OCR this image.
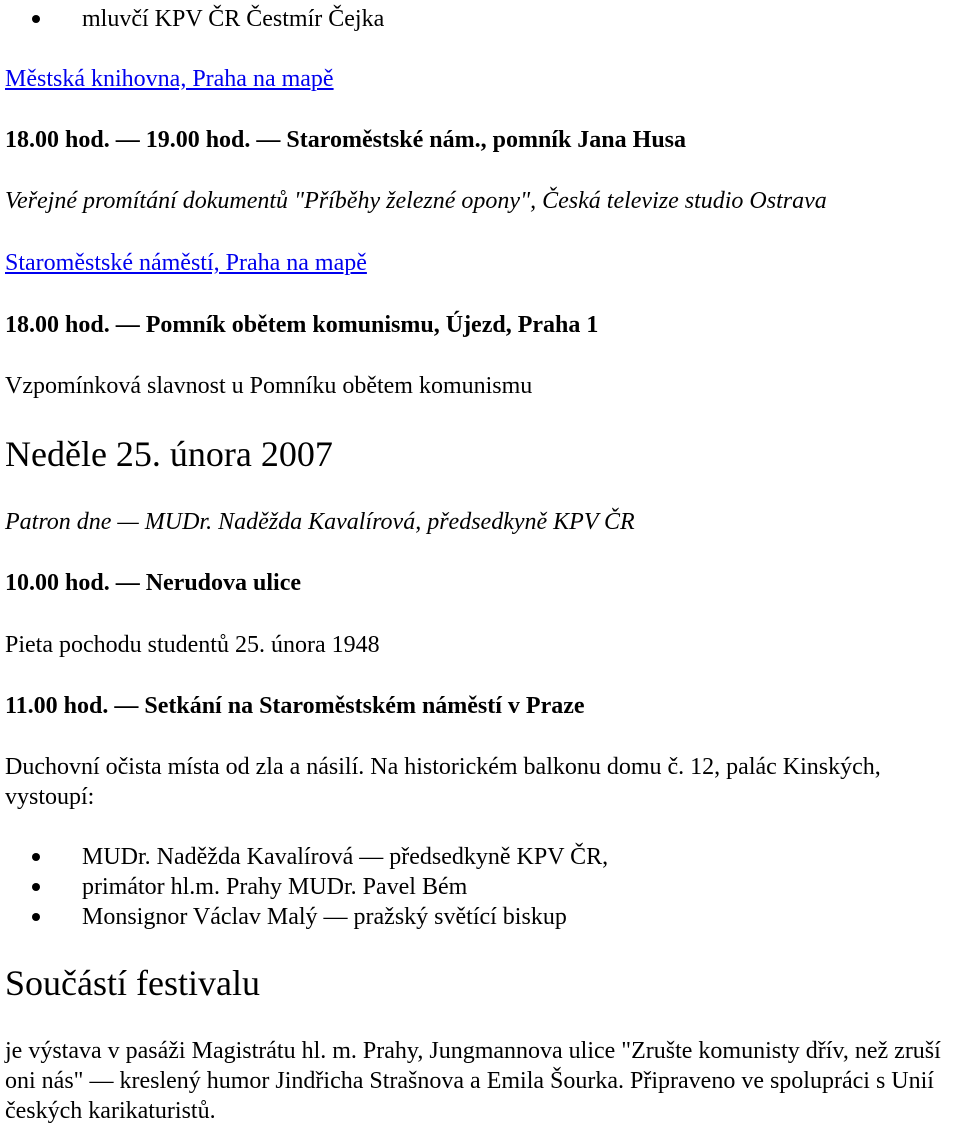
mluvčí KPV ČR Čestmír Čejka

Městská knihovna, Praha na mapě

18.00 hod. — 19.00 hod. — Staroměstské nám., pomník Jana Husa

Veřejné promítání dokumentů "Příběhy železné opony", Česká televize studio Ostrava

Staroměstské náměstí, Praha na mapě

18.00 hod. — Pomník obětem komunismu, Újezd, Praha 1

Vzpomínková slavnost u Pomníku obětem komunismu

Neděle 25. února 2007

Patron dne — MUDr. Naděžda Kavalírová, předsedkyně KPV ČR

10.00 hod. — Nerudova ulice

Pieta pochodu studentů 25. února 1948

11.00 hod. — Setkání na Staroměstském náměstí v Praze

Duchovní očista místa od zla a násilí. Na historickém balkonu domu č. 12, palác Kinských, vystoupí:

MUDr. Naděžda Kavalírová — předsedkyně KPV ČR,
primátor hl.m. Prahy MUDr. Pavel Bém
Monsignor Václav Malý — pražský světící biskup

Součástí festivalu

je výstava v pasáži Magistrátu hl. m. Prahy, Jungmannova ulice "Zrušte komunisty dřív, než zruší oni nás" — kreslený humor Jindřicha Strašnova a Emila Šourka. Připraveno ve spolupráci s Unií českých karikaturistů.
